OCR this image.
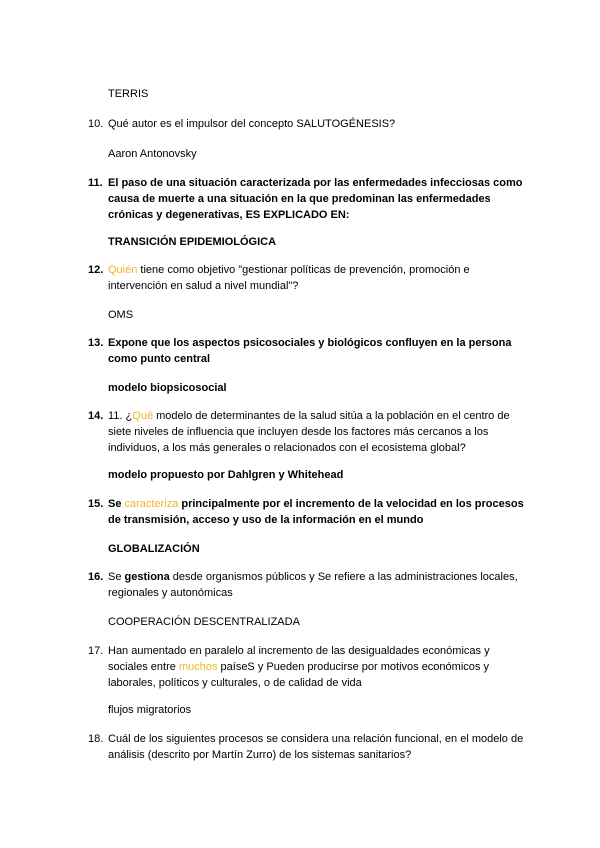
TERRIS
10. Qué autor es el impulsor del concepto SALUTOGÉNESIS?
Aaron Antonovsky
11. El paso de una situación caracterizada por las enfermedades infecciosas como causa de muerte a una situación en la que predominan las enfermedades crónicas y degenerativas, ES EXPLICADO EN:
TRANSICIÓN EPIDEMIOLÓGICA
12. Quién tiene como objetivo "gestionar políticas de prevención, promoción e intervención en salud a nivel mundial"?
OMS
13. Expone que los aspectos psicosociales y biológicos confluyen en la persona como punto central
modelo biopsicosocial
14. 11. ¿Qué modelo de determinantes de la salud sitúa a la población en el centro de siete niveles de influencia que incluyen desde los factores más cercanos a los individuos, a los más generales o relacionados con el ecosistema global?
modelo propuesto por Dahlgren y Whitehead
15. Se caracteriza principalmente por el incremento de la velocidad en los procesos de transmisión, acceso y uso de la información en el mundo
GLOBALIZACIÓN
16. Se gestiona desde organismos públicos y Se refiere a las administraciones locales, regionales y autonómicas
COOPERACIÓN DESCENTRALIZADA
17. Han aumentado en paralelo al incremento de las desigualdades económicas y sociales entre muchos paíseS y Pueden producirse por motivos económicos y laborales, políticos y culturales, o de calidad de vida
flujos migratorios
18. Cuál de los siguientes procesos se considera una relación funcional, en el modelo de análisis (descrito por Martín Zurro) de los sistemas sanitarios?
